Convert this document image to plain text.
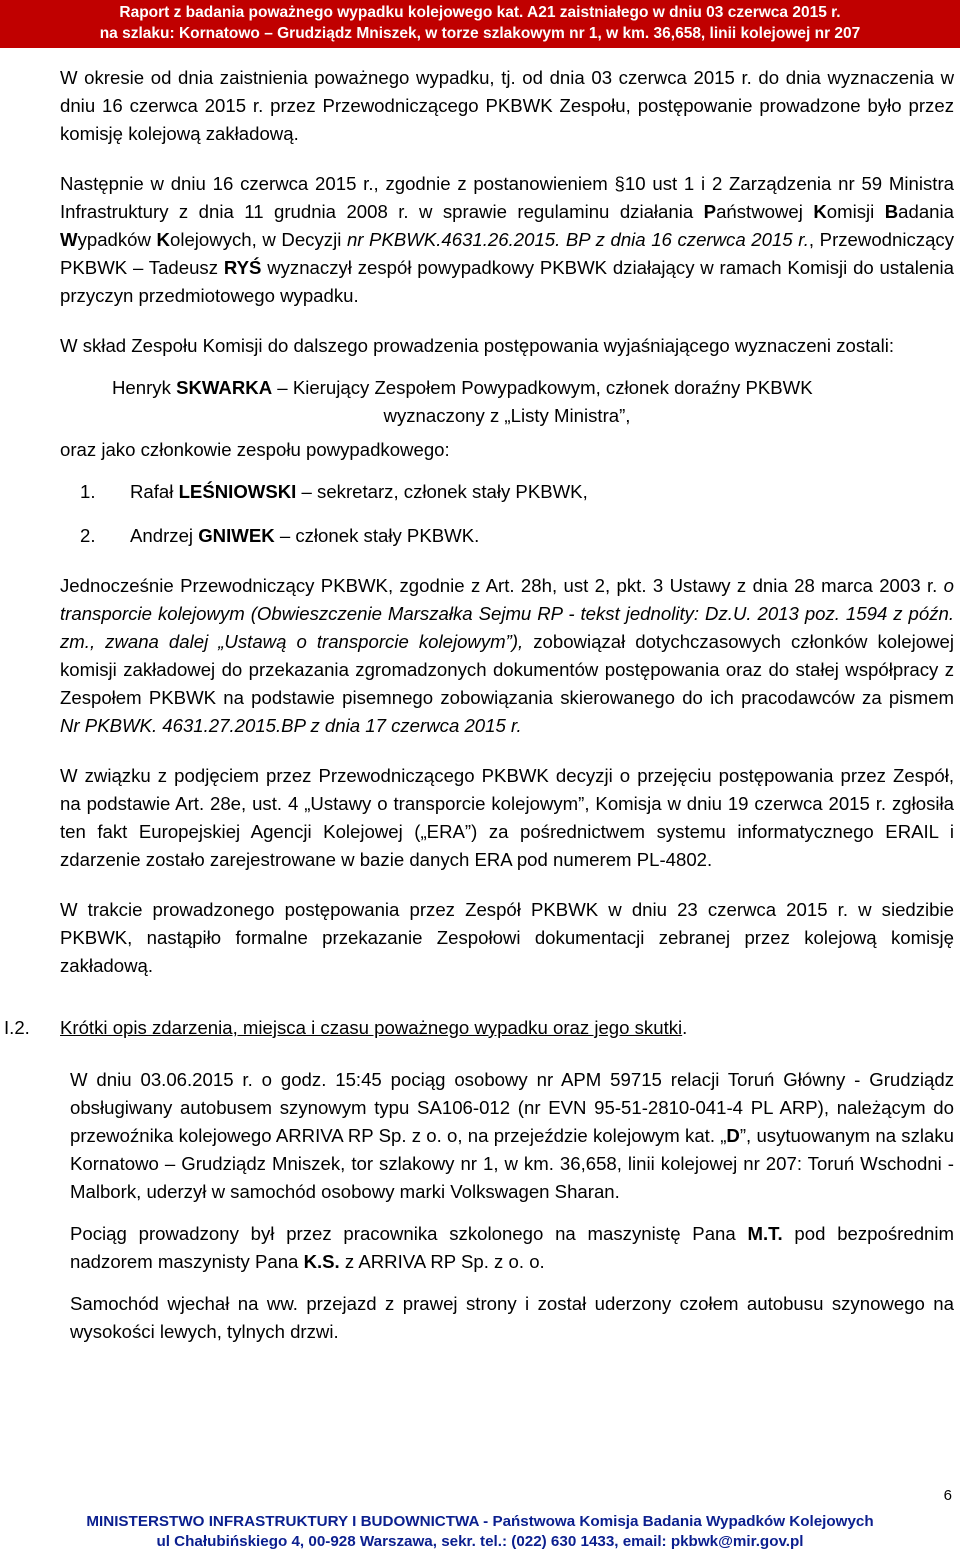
Raport z badania poważnego wypadku kolejowego kat. A21 zaistniałego w dniu 03 czerwca 2015 r.
na szlaku: Kornatowo – Grudziądz Mniszek, w torze szlakowym nr 1, w km. 36,658, linii kolejowej nr 207

W okresie od dnia zaistnienia poważnego wypadku, tj. od dnia 03 czerwca 2015 r. do dnia wyznaczenia w dniu 16 czerwca 2015 r. przez Przewodniczącego PKBWK Zespołu, postępowanie prowadzone było przez komisję kolejową zakładową.

Następnie w dniu 16 czerwca 2015 r., zgodnie z postanowieniem §10 ust 1 i 2 Zarządzenia nr 59 Ministra Infrastruktury z dnia 11 grudnia 2008 r. w sprawie regulaminu działania Państwowej Komisji Badania Wypadków Kolejowych, w Decyzji nr PKBWK.4631.26.2015. BP z dnia 16 czerwca 2015 r., Przewodniczący PKBWK – Tadeusz RYŚ wyznaczył zespół powypadkowy PKBWK działający w ramach Komisji do ustalenia przyczyn przedmiotowego wypadku.

W skład Zespołu Komisji do dalszego prowadzenia postępowania wyjaśniającego wyznaczeni zostali:

Henryk SKWARKA – Kierujący Zespołem Powypadkowym, członek doraźny PKBWK

wyznaczony z „Listy Ministra”,

oraz jako członkowie zespołu powypadkowego:

1. Rafał LEŚNIOWSKI – sekretarz, członek stały PKBWK,

2. Andrzej GNIWEK – członek stały PKBWK.

Jednocześnie Przewodniczący PKBWK, zgodnie z Art. 28h, ust 2, pkt. 3 Ustawy z dnia 28 marca 2003 r. o transporcie kolejowym (Obwieszczenie Marszałka Sejmu RP - tekst jednolity: Dz.U. 2013 poz. 1594 z późn. zm., zwana dalej „Ustawą o transporcie kolejowym”), zobowiązał dotychczasowych członków kolejowej komisji zakładowej do przekazania zgromadzonych dokumentów postępowania oraz do stałej współpracy z Zespołem PKBWK na podstawie pisemnego zobowiązania skierowanego do ich pracodawców za pismem Nr PKBWK. 4631.27.2015.BP z dnia 17 czerwca 2015 r.

W związku z podjęciem przez Przewodniczącego PKBWK decyzji o przejęciu postępowania przez Zespół, na podstawie Art. 28e, ust. 4 „Ustawy o transporcie kolejowym”, Komisja w dniu 19 czerwca 2015 r. zgłosiła ten fakt Europejskiej Agencji Kolejowej („ERA”) za pośrednictwem systemu informatycznego ERAIL i zdarzenie zostało zarejestrowane w bazie danych ERA pod numerem PL-4802.

W trakcie prowadzonego postępowania przez Zespół PKBWK w dniu 23 czerwca 2015 r. w siedzibie PKBWK, nastąpiło formalne przekazanie Zespołowi dokumentacji zebranej przez kolejową komisję zakładową.

I.2. Krótki opis zdarzenia, miejsca i czasu poważnego wypadku oraz jego skutki.

W dniu 03.06.2015 r. o godz. 15:45 pociąg osobowy nr APM 59715 relacji Toruń Główny - Grudziądz obsługiwany autobusem szynowym typu SA106-012 (nr EVN 95-51-2810-041-4 PL ARP), należącym do przewoźnika kolejowego ARRIVA RP Sp. z o. o, na przejeździe kolejowym kat. „D”, usytuowanym na szlaku Kornatowo – Grudziądz Mniszek, tor szlakowy nr 1, w km. 36,658, linii kolejowej nr 207: Toruń Wschodni - Malbork, uderzył w samochód osobowy marki Volkswagen Sharan.

Pociąg prowadzony był przez pracownika szkolonego na maszynistę Pana M.T. pod bezpośrednim nadzorem maszynisty Pana K.S. z ARRIVA RP Sp. z o. o.

Samochód wjechał na ww. przejazd z prawej strony i został uderzony czołem autobusu szynowego na wysokości lewych, tylnych drzwi.

6
MINISTERSTWO INFRASTRUKTURY I BUDOWNICTWA - Państwowa Komisja Badania Wypadków Kolejowych
ul Chałubińskiego 4, 00-928 Warszawa, sekr. tel.: (022) 630 1433, email: pkbwk@mir.gov.pl
